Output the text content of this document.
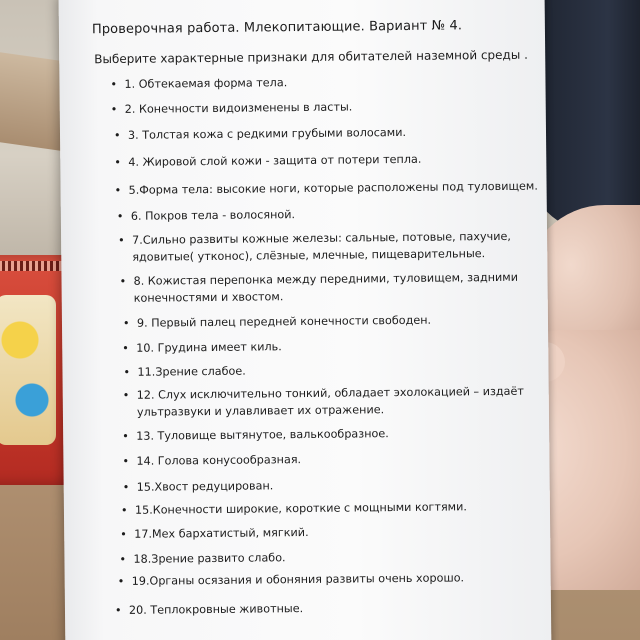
Проверочная работа. Млекопитающие. Вариант № 4.
Выберите характерные признаки для обитателей наземной среды .
• 1. Обтекаемая форма тела.
• 2. Конечности видоизменены в ласты.
• 3. Толстая кожа с редкими грубыми волосами.
• 4. Жировой слой кожи - защита от потери тепла.
• 5.Форма тела: высокие ноги, которые расположены под туловищем.
• 6. Покров тела - волосяной.
• 7.Сильно развиты кожные железы: сальные, потовые, пахучие,
ядовитые( утконос), слёзные, млечные, пищеварительные.
• 8. Кожистая перепонка между передними, туловищем, задними
конечностями и хвостом.
• 9. Первый палец передней конечности свободен.
• 10. Грудина имеет киль.
• 11.Зрение слабое.
• 12. Слух исключительно тонкий, обладает эхолокацией – издаёт
ультразвуки и улавливает их отражение.
• 13. Туловище вытянутое, валькообразное.
• 14. Голова конусообразная.
• 15.Хвост редуцирован.
• 15.Конечности широкие, короткие с мощными когтями.
• 17.Мех бархатистый, мягкий.
• 18.Зрение развито слабо.
• 19.Органы осязания и обоняния развиты очень хорошо.
• 20. Теплокровные животные.
